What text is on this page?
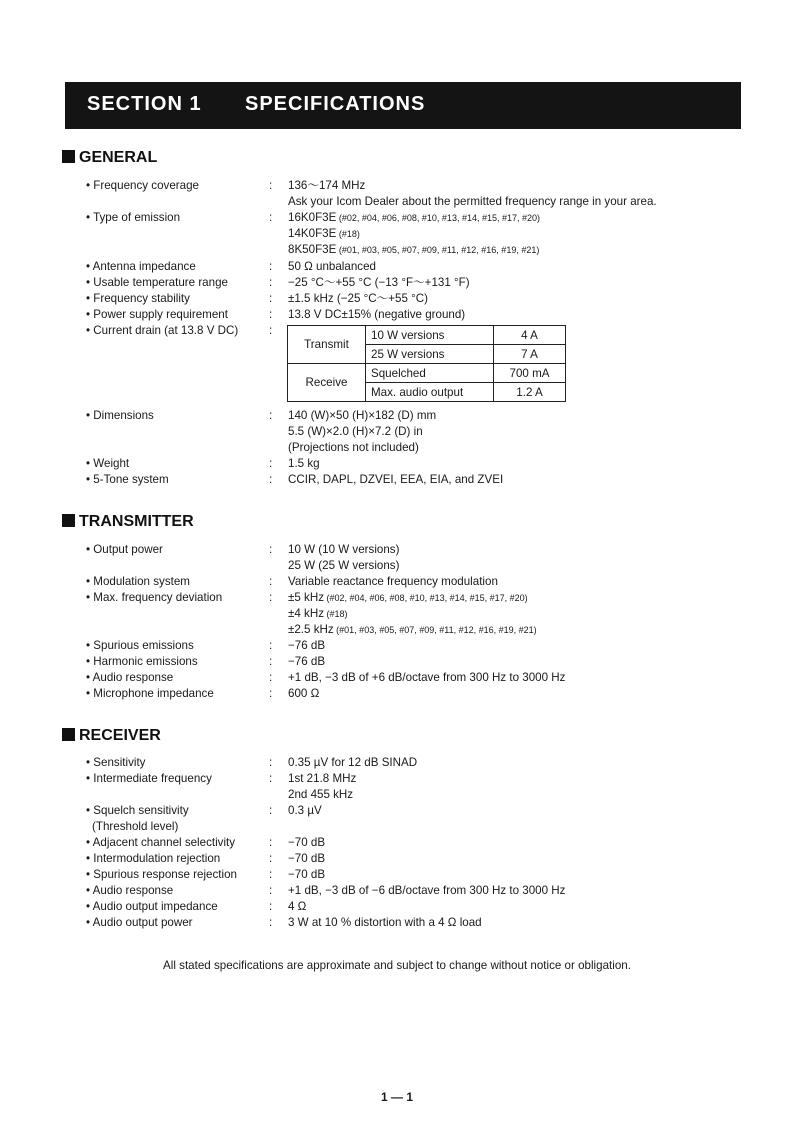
SECTION 1 SPECIFICATIONS
GENERAL
• Frequency coverage	: 136～174 MHz
Ask your Icom Dealer about the permitted frequency range in your area.
• Type of emission	: 16K0F3E (#02, #04, #06, #08, #10, #13, #14, #15, #17, #20)
14K0F3E (#18)
8K50F3E (#01, #03, #05, #07, #09, #11, #12, #16, #19, #21)
• Antenna impedance	: 50 Ω unbalanced
• Usable temperature range	: −25 °C～+55 °C (−13 °F～+131 °F)
• Frequency stability	: ±1.5 kHz (−25 °C～+55 °C)
• Power supply requirement	: 13.8 V DC±15% (negative ground)
• Current drain (at 13.8 V DC)	:
Transmit	10 W versions	4 A
	25 W versions	7 A
Receive	Squelched	700 mA
	Max. audio output	1.2 A
• Dimensions	: 140 (W)×50 (H)×182 (D) mm
5.5 (W)×2.0 (H)×7.2 (D) in
(Projections not included)
• Weight	: 1.5 kg
• 5-Tone system	: CCIR, DAPL, DZVEI, EEA, EIA, and ZVEI
TRANSMITTER
• Output power	: 10 W (10 W versions)
25 W (25 W versions)
• Modulation system	: Variable reactance frequency modulation
• Max. frequency deviation	: ±5 kHz (#02, #04, #06, #08, #10, #13, #14, #15, #17, #20)
±4 kHz (#18)
±2.5 kHz (#01, #03, #05, #07, #09, #11, #12, #16, #19, #21)
• Spurious emissions	: −76 dB
• Harmonic emissions	: −76 dB
• Audio response	: +1 dB, −3 dB of +6 dB/octave from 300 Hz to 3000 Hz
• Microphone impedance	: 600 Ω
RECEIVER
• Sensitivity	: 0.35 µV for 12 dB SINAD
• Intermediate frequency	: 1st 21.8 MHz
2nd 455 kHz
• Squelch sensitivity	: 0.3 µV
(Threshold level)
• Adjacent channel selectivity	: −70 dB
• Intermodulation rejection	: −70 dB
• Spurious response rejection	: −70 dB
• Audio response	: +1 dB, −3 dB of −6 dB/octave from 300 Hz to 3000 Hz
• Audio output impedance	: 4 Ω
• Audio output power	: 3 W at 10 % distortion with a 4 Ω load
All stated specifications are approximate and subject to change without notice or obligation.
1 — 1
